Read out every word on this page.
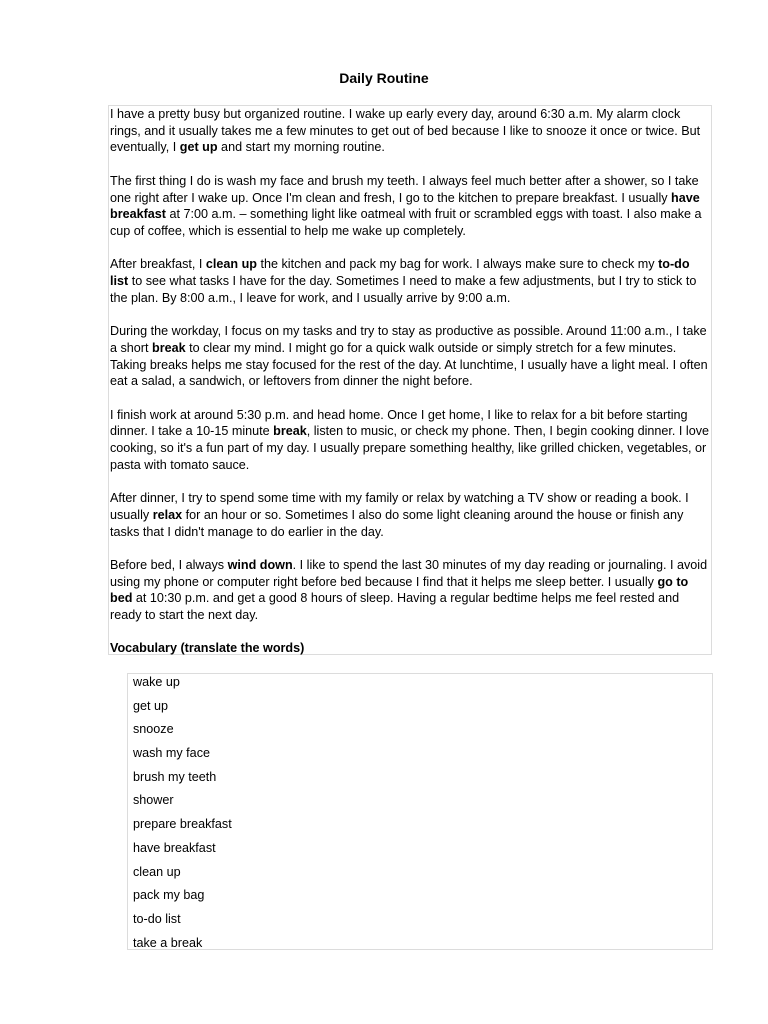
Daily Routine

I have a pretty busy but organized routine. I wake up early every day, around 6:30 a.m. My alarm clock rings, and it usually takes me a few minutes to get out of bed because I like to snooze it once or twice. But eventually, I get up and start my morning routine.

The first thing I do is wash my face and brush my teeth. I always feel much better after a shower, so I take one right after I wake up. Once I'm clean and fresh, I go to the kitchen to prepare breakfast. I usually have breakfast at 7:00 a.m. – something light like oatmeal with fruit or scrambled eggs with toast. I also make a cup of coffee, which is essential to help me wake up completely.

After breakfast, I clean up the kitchen and pack my bag for work. I always make sure to check my to-do list to see what tasks I have for the day. Sometimes I need to make a few adjustments, but I try to stick to the plan. By 8:00 a.m., I leave for work, and I usually arrive by 9:00 a.m.

During the workday, I focus on my tasks and try to stay as productive as possible. Around 11:00 a.m., I take a short break to clear my mind. I might go for a quick walk outside or simply stretch for a few minutes. Taking breaks helps me stay focused for the rest of the day. At lunchtime, I usually have a light meal. I often eat a salad, a sandwich, or leftovers from dinner the night before.

I finish work at around 5:30 p.m. and head home. Once I get home, I like to relax for a bit before starting dinner. I take a 10-15 minute break, listen to music, or check my phone. Then, I begin cooking dinner. I love cooking, so it's a fun part of my day. I usually prepare something healthy, like grilled chicken, vegetables, or pasta with tomato sauce.

After dinner, I try to spend some time with my family or relax by watching a TV show or reading a book. I usually relax for an hour or so. Sometimes I also do some light cleaning around the house or finish any tasks that I didn't manage to do earlier in the day.

Before bed, I always wind down. I like to spend the last 30 minutes of my day reading or journaling. I avoid using my phone or computer right before bed because I find that it helps me sleep better. I usually go to bed at 10:30 p.m. and get a good 8 hours of sleep. Having a regular bedtime helps me feel rested and ready to start the next day.

Vocabulary (translate the words)

wake up
get up
snooze
wash my face
brush my teeth
shower
prepare breakfast
have breakfast
clean up
pack my bag
to-do list
take a break
